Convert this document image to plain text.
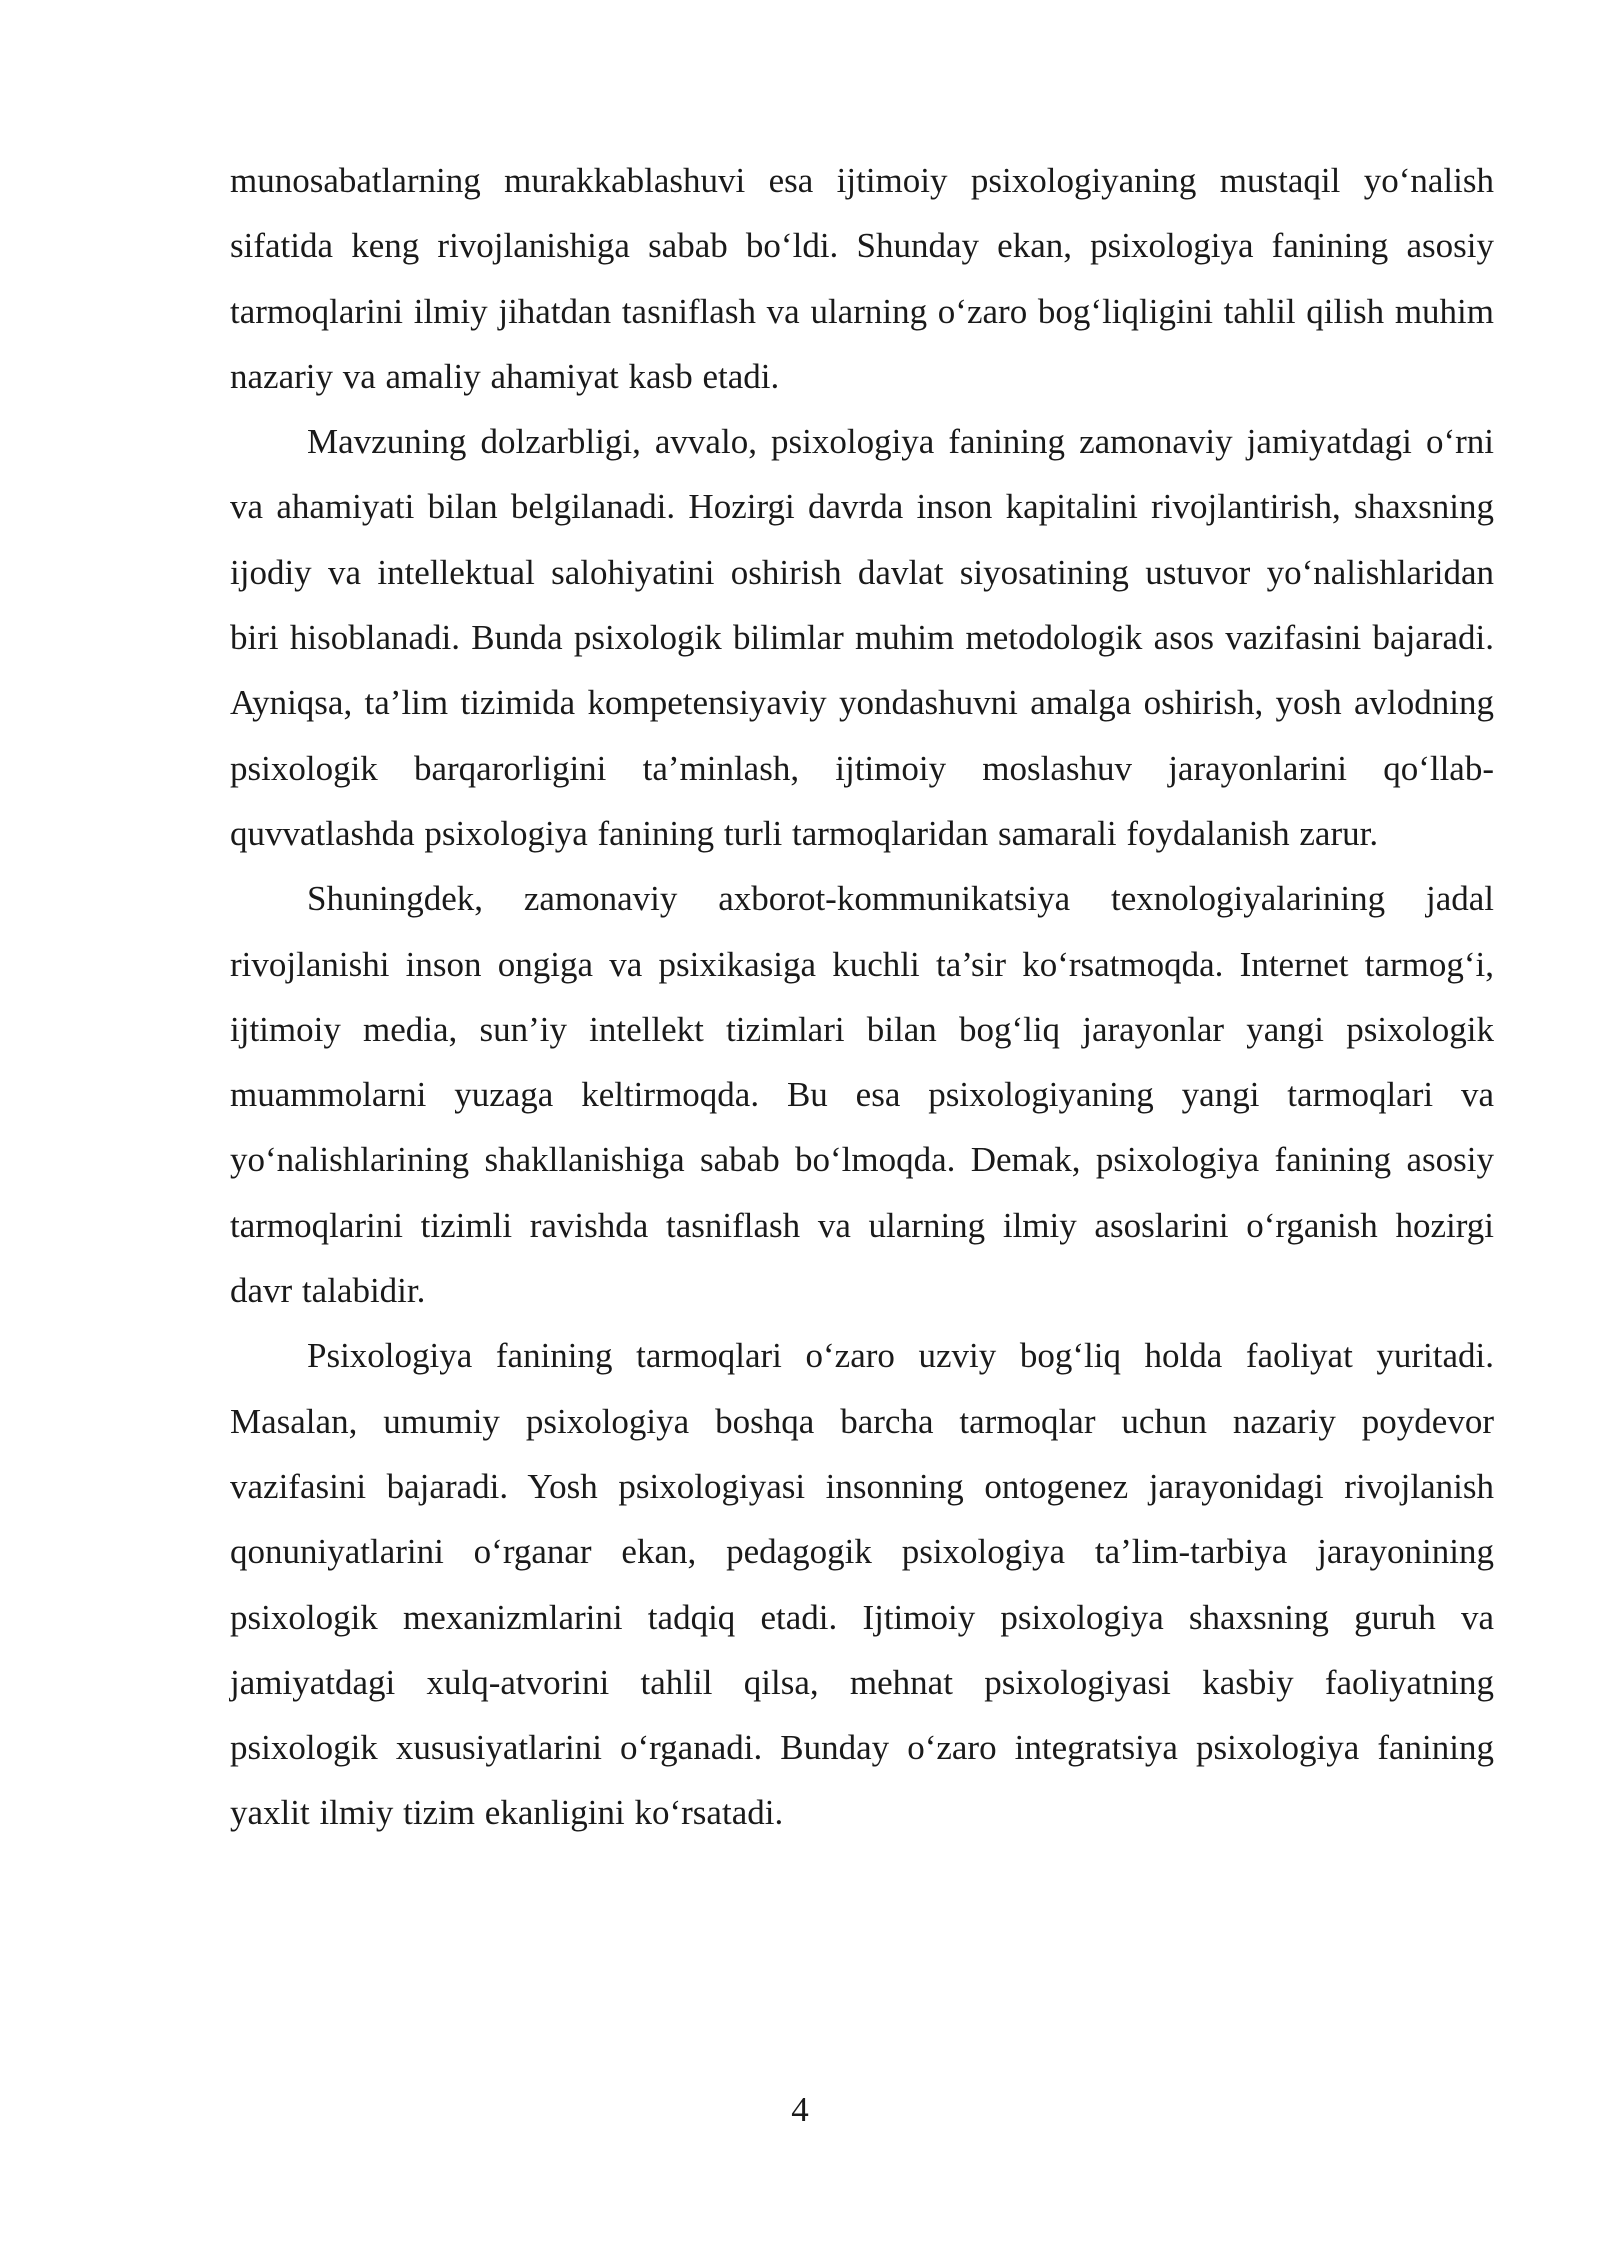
munosabatlarning murakkablashuvi esa ijtimoiy psixologiyaning mustaqil yo‘nalish sifatida keng rivojlanishiga sabab bo‘ldi. Shunday ekan, psixologiya fanining asosiy tarmoqlarini ilmiy jihatdan tasniflash va ularning o‘zaro bog‘liqligini tahlil qilish muhim nazariy va amaliy ahamiyat kasb etadi.

Mavzuning dolzarbligi, avvalo, psixologiya fanining zamonaviy jamiyatdagi o‘rni va ahamiyati bilan belgilanadi. Hozirgi davrda inson kapitalini rivojlantirish, shaxsning ijodiy va intellektual salohiyatini oshirish davlat siyosatining ustuvor yo‘nalishlaridan biri hisoblanadi. Bunda psixologik bilimlar muhim metodologik asos vazifasini bajaradi. Ayniqsa, ta’lim tizimida kompetensiyaviy yondashuvni amalga oshirish, yosh avlodning psixologik barqarorligini ta’minlash, ijtimoiy moslashuv jarayonlarini qo‘llab-quvvatlashda psixologiya fanining turli tarmoqlaridan samarali foydalanish zarur.

Shuningdek, zamonaviy axborot-kommunikatsiya texnologiyalarining jadal rivojlanishi inson ongiga va psixikasiga kuchli ta’sir ko‘rsatmoqda. Internet tarmog‘i, ijtimoiy media, sun’iy intellekt tizimlari bilan bog‘liq jarayonlar yangi psixologik muammolarni yuzaga keltirmoqda. Bu esa psixologiyaning yangi tarmoqlari va yo‘nalishlarining shakllanishiga sabab bo‘lmoqda. Demak, psixologiya fanining asosiy tarmoqlarini tizimli ravishda tasniflash va ularning ilmiy asoslarini o‘rganish hozirgi davr talabidir.

Psixologiya fanining tarmoqlari o‘zaro uzviy bog‘liq holda faoliyat yuritadi. Masalan, umumiy psixologiya boshqa barcha tarmoqlar uchun nazariy poydevor vazifasini bajaradi. Yosh psixologiyasi insonning ontogenez jarayonidagi rivojlanish qonuniyatlarini o‘rganar ekan, pedagogik psixologiya ta’lim-tarbiya jarayonining psixologik mexanizmlarini tadqiq etadi. Ijtimoiy psixologiya shaxsning guruh va jamiyatdagi xulq-atvorini tahlil qilsa, mehnat psixologiyasi kasbiy faoliyatning psixologik xususiyatlarini o‘rganadi. Bunday o‘zaro integratsiya psixologiya fanining yaxlit ilmiy tizim ekanligini ko‘rsatadi.

4
